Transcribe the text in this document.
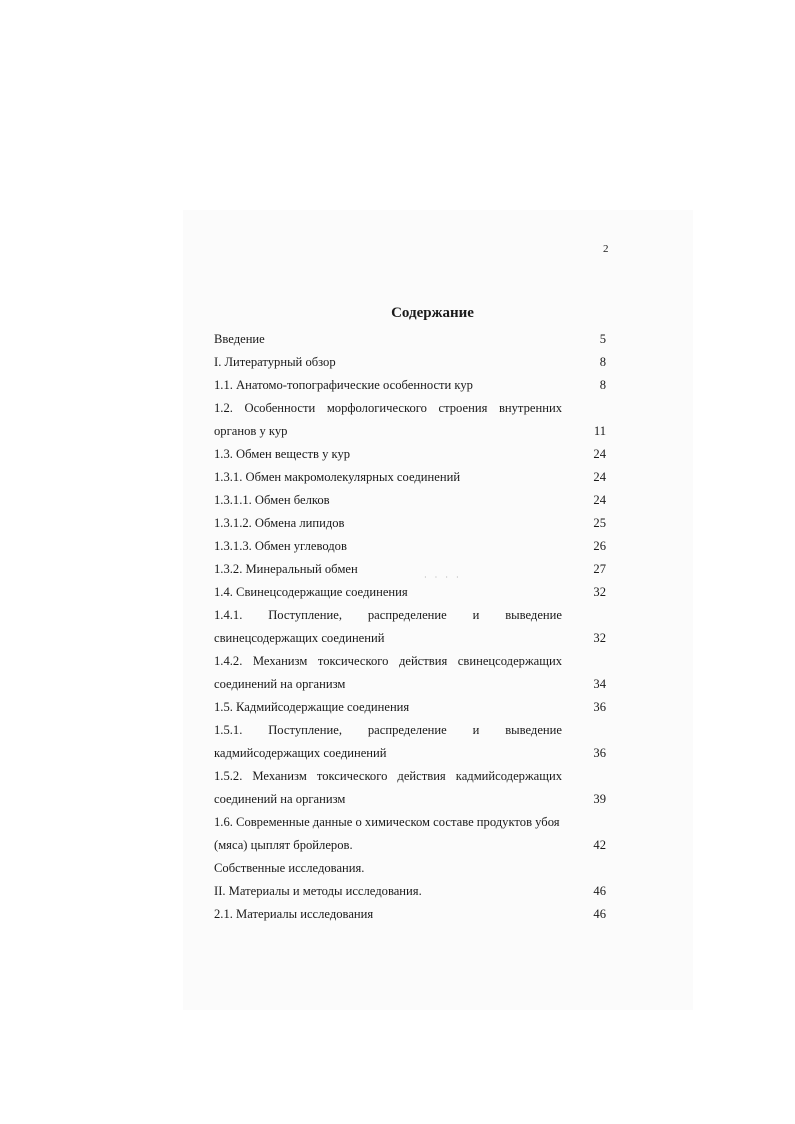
2
Содержание
Введение	5
I. Литературный обзор	8
1.1. Анатомо-топографические особенности кур	8
1.2. Особенности морфологического строения внутренних
органов у кур	11
1.3. Обмен веществ у кур	24
1.3.1. Обмен макромолекулярных соединений	24
1.3.1.1. Обмен белков	24
1.3.1.2. Обмена липидов	25
1.3.1.3. Обмен углеводов	26
1.3.2. Минеральный обмен	27
1.4. Свинецсодержащие соединения	32
1.4.1. Поступление, распределение и выведение
свинецсодержащих соединений	32
1.4.2. Механизм токсического действия свинецсодержащих
соединений на организм	34
1.5. Кадмийсодержащие соединения	36
1.5.1. Поступление, распределение и выведение
кадмийсодержащих соединений	36
1.5.2. Механизм токсического действия кадмийсодержащих
соединений на организм	39
1.6. Современные данные о химическом составе продуктов убоя
(мяса) цыплят бройлеров.	42
Собственные исследования.
II. Материалы и методы исследования.	46
2.1. Материалы исследования	46
· · · ·
